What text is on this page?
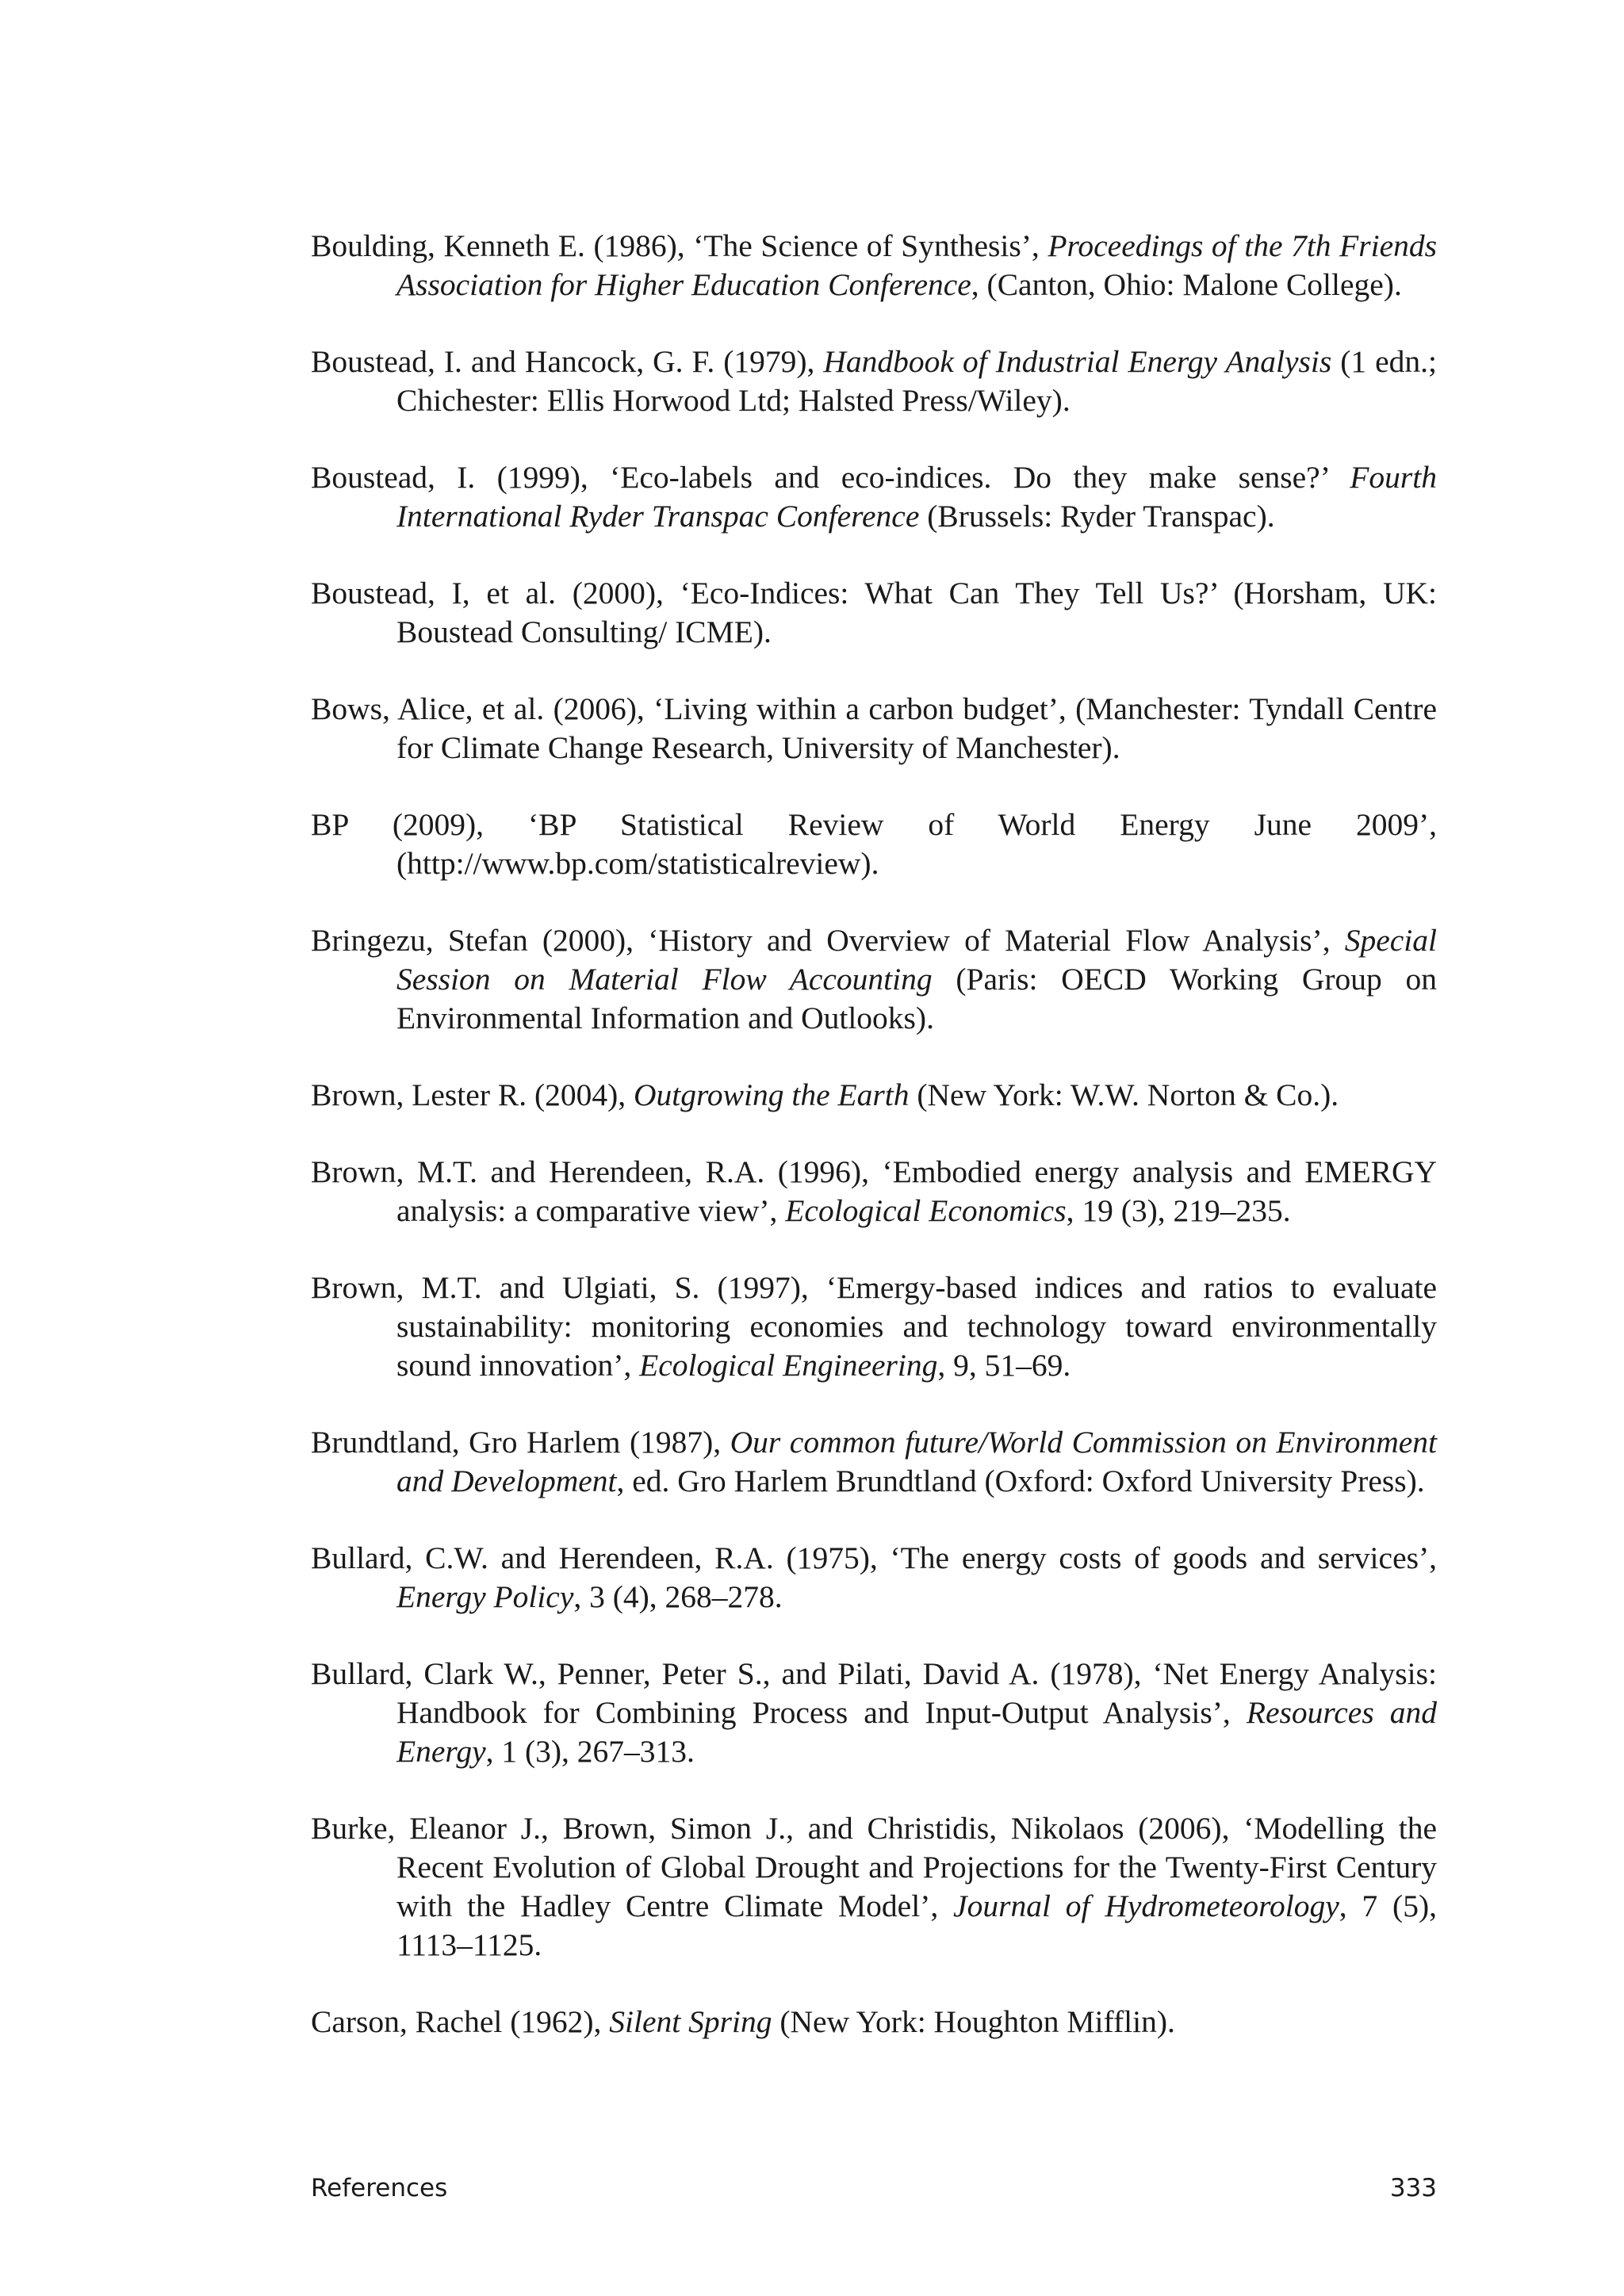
Boulding, Kenneth E. (1986), ‘The Science of Synthesis’, Proceedings of the 7th Friends Association for Higher Education Conference, (Canton, Ohio: Malone College).

Boustead, I. and Hancock, G. F. (1979), Handbook of Industrial Energy Analysis (1 edn.; Chichester: Ellis Horwood Ltd; Halsted Press/Wiley).

Boustead, I. (1999), ‘Eco-labels and eco-indices. Do they make sense?’ Fourth International Ryder Transpac Conference (Brussels: Ryder Transpac).

Boustead, I, et al. (2000), ‘Eco-Indices: What Can They Tell Us?’ (Horsham, UK: Boustead Consulting/ ICME).

Bows, Alice, et al. (2006), ‘Living within a carbon budget’, (Manchester: Tyndall Centre for Climate Change Research, University of Manchester).

BP (2009), ‘BP Statistical Review of World Energy June 2009’, (http://www.bp.com/statisticalreview).

Bringezu, Stefan (2000), ‘History and Overview of Material Flow Analysis’, Special Session on Material Flow Accounting (Paris: OECD Working Group on Environmental Information and Outlooks).

Brown, Lester R. (2004), Outgrowing the Earth (New York: W.W. Norton & Co.).

Brown, M.T. and Herendeen, R.A. (1996), ‘Embodied energy analysis and EMERGY analysis: a comparative view’, Ecological Economics, 19 (3), 219–235.

Brown, M.T. and Ulgiati, S. (1997), ‘Emergy-based indices and ratios to evaluate sustainability: monitoring economies and technology toward environmentally sound innovation’, Ecological Engineering, 9, 51–69.

Brundtland, Gro Harlem (1987), Our common future/World Commission on Environment and Development, ed. Gro Harlem Brundtland (Oxford: Oxford University Press).

Bullard, C.W. and Herendeen, R.A. (1975), ‘The energy costs of goods and services’, Energy Policy, 3 (4), 268–278.

Bullard, Clark W., Penner, Peter S., and Pilati, David A. (1978), ‘Net Energy Analysis: Handbook for Combining Process and Input-Output Analysis’, Resources and Energy, 1 (3), 267–313.

Burke, Eleanor J., Brown, Simon J., and Christidis, Nikolaos (2006), ‘Modelling the Recent Evolution of Global Drought and Projections for the Twenty-First Century with the Hadley Centre Climate Model’, Journal of Hydrometeorology, 7 (5), 1113–1125.

Carson, Rachel (1962), Silent Spring (New York: Houghton Mifflin).

References	333
